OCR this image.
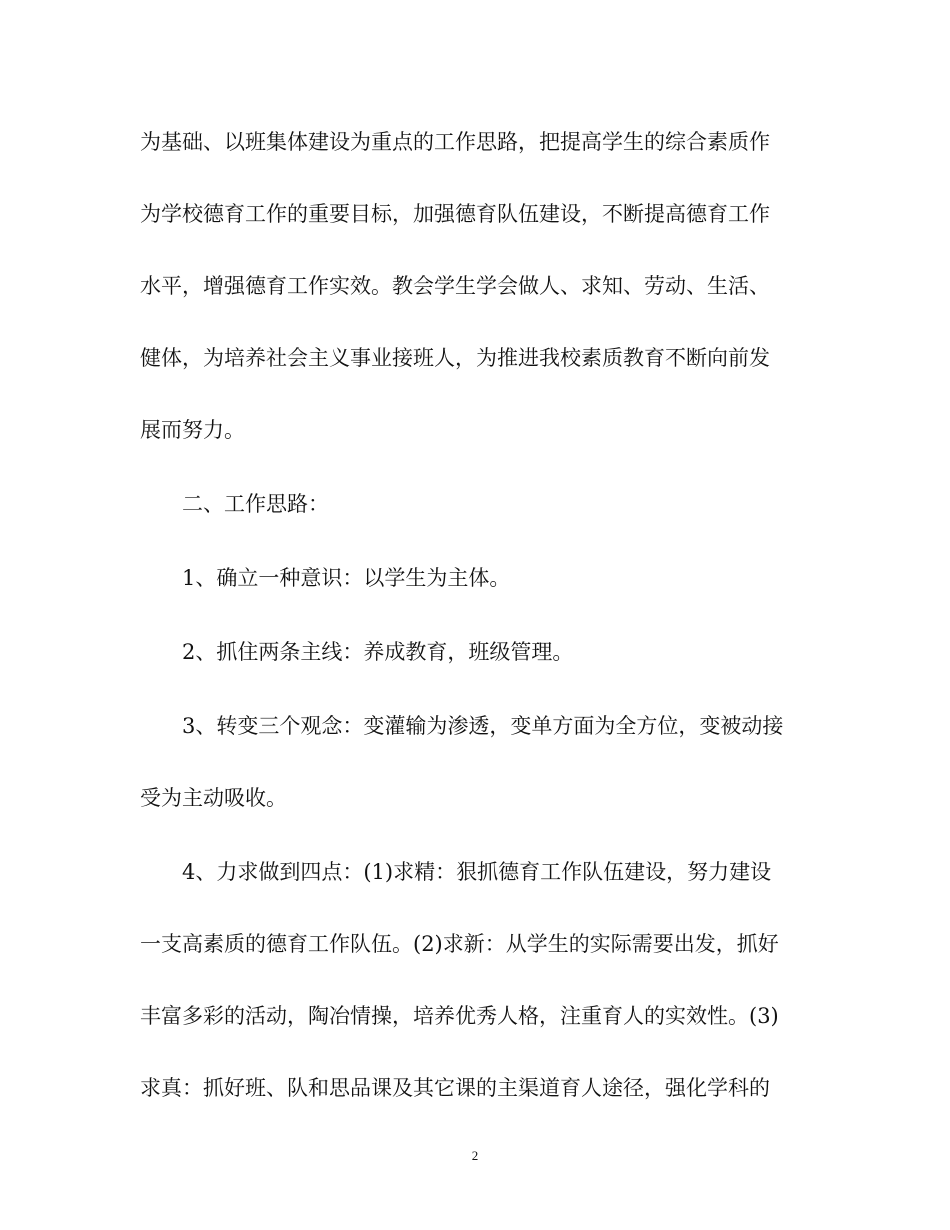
为基础、以班集体建设为重点的工作思路，把提高学生的综合素质作
为学校德育工作的重要目标，加强德育队伍建设，不断提高德育工作
水平，增强德育工作实效。教会学生学会做人、求知、劳动、生活、
健体，为培养社会主义事业接班人，为推进我校素质教育不断向前发
展而努力。
二、工作思路：
1、确立一种意识：以学生为主体。
2、抓住两条主线：养成教育，班级管理。
3、转变三个观念：变灌输为渗透，变单方面为全方位，变被动接
受为主动吸收。
4、力求做到四点：(1)求精：狠抓德育工作队伍建设，努力建设
一支高素质的德育工作队伍。(2)求新：从学生的实际需要出发，抓好
丰富多彩的活动，陶冶情操，培养优秀人格，注重育人的实效性。(3)
求真：抓好班、队和思品课及其它课的主渠道育人途径，强化学科的
2
